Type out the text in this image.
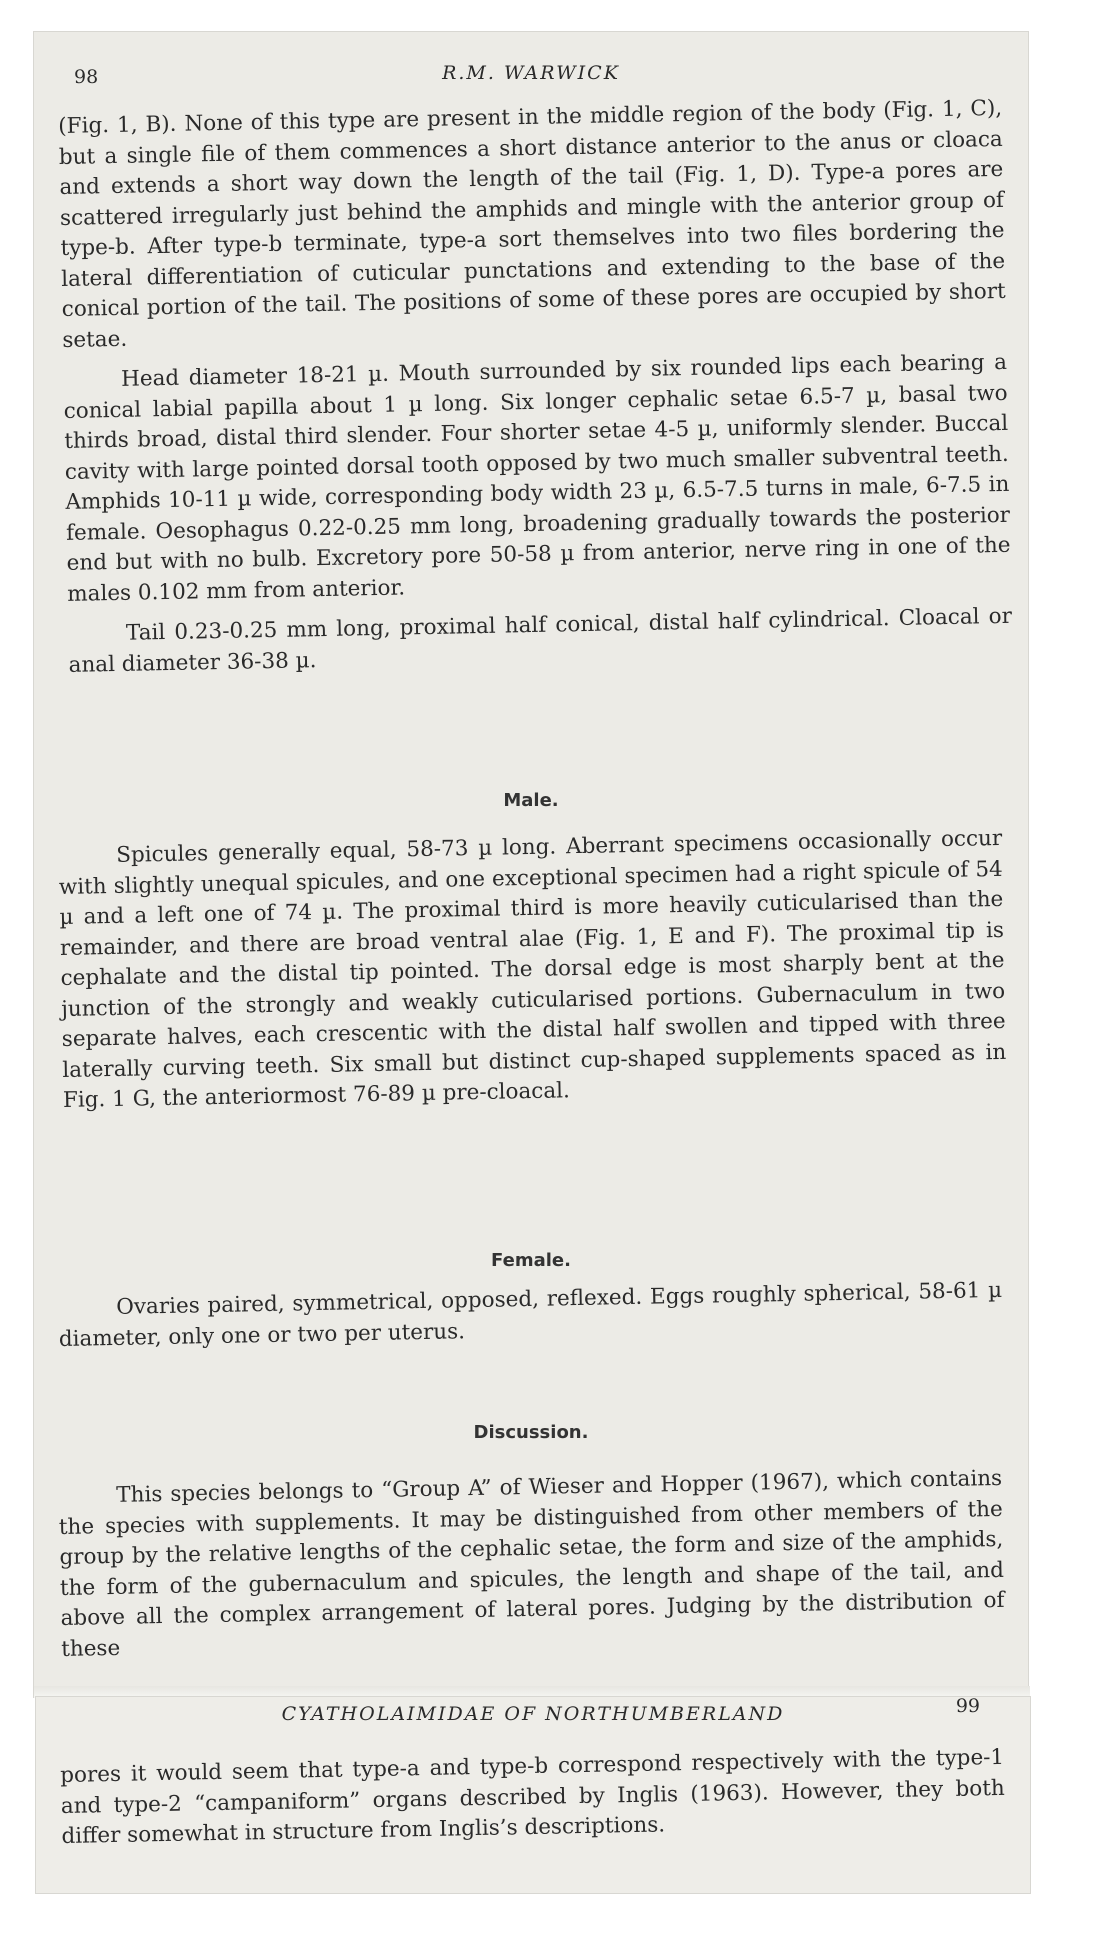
98	R.M. WARWICK

(Fig. 1, B). None of this type are present in the middle region of the body (Fig. 1, C), but a single file of them commences a short distance anterior to the anus or cloaca and extends a short way down the length of the tail (Fig. 1, D). Type-a pores are scattered irregularly just behind the amphids and mingle with the anterior group of type-b. After type-b terminate, type-a sort themselves into two files bordering the lateral differentiation of cuticular punctations and extending to the base of the conical portion of the tail. The positions of some of these pores are occupied by short setae.

Head diameter 18-21 µ. Mouth surrounded by six rounded lips each bearing a conical labial papilla about 1 µ long. Six longer cephalic setae 6.5-7 µ, basal two thirds broad, distal third slender. Four shorter setae 4-5 µ, uniformly slender. Buccal cavity with large pointed dorsal tooth opposed by two much smaller subventral teeth. Amphids 10-11 µ wide, corresponding body width 23 µ, 6.5-7.5 turns in male, 6-7.5 in female. Oesophagus 0.22-0.25 mm long, broadening gradually towards the posterior end but with no bulb. Excretory pore 50-58 µ from anterior, nerve ring in one of the males 0.102 mm from anterior.

Tail 0.23-0.25 mm long, proximal half conical, distal half cylindrical. Cloacal or anal diameter 36-38 µ.

Male.

Spicules generally equal, 58-73 µ long. Aberrant specimens occasionally occur with slightly unequal spicules, and one exceptional specimen had a right spicule of 54 µ and a left one of 74 µ. The proximal third is more heavily cuticularised than the remainder, and there are broad ventral alae (Fig. 1, E and F). The proximal tip is cephalate and the distal tip pointed. The dorsal edge is most sharply bent at the junction of the strongly and weakly cuticularised portions. Gubernaculum in two separate halves, each crescentic with the distal half swollen and tipped with three laterally curving teeth. Six small but distinct cup-shaped supplements spaced as in Fig. 1 G, the anteriormost 76-89 µ pre-cloacal.

Female.

Ovaries paired, symmetrical, opposed, reflexed. Eggs roughly spherical, 58-61 µ diameter, only one or two per uterus.

Discussion.

This species belongs to “Group A” of Wieser and Hopper (1967), which contains the species with supplements. It may be distinguished from other members of the group by the relative lengths of the cephalic setae, the form and size of the amphids, the form of the gubernaculum and spicules, the length and shape of the tail, and above all the complex arrangement of lateral pores. Judging by the distribution of these

CYATHOLAIMIDAE OF NORTHUMBERLAND	99

pores it would seem that type-a and type-b correspond respectively with the type-1 and type-2 “campaniform” organs described by Inglis (1963). However, they both differ somewhat in structure from Inglis’s descriptions.
